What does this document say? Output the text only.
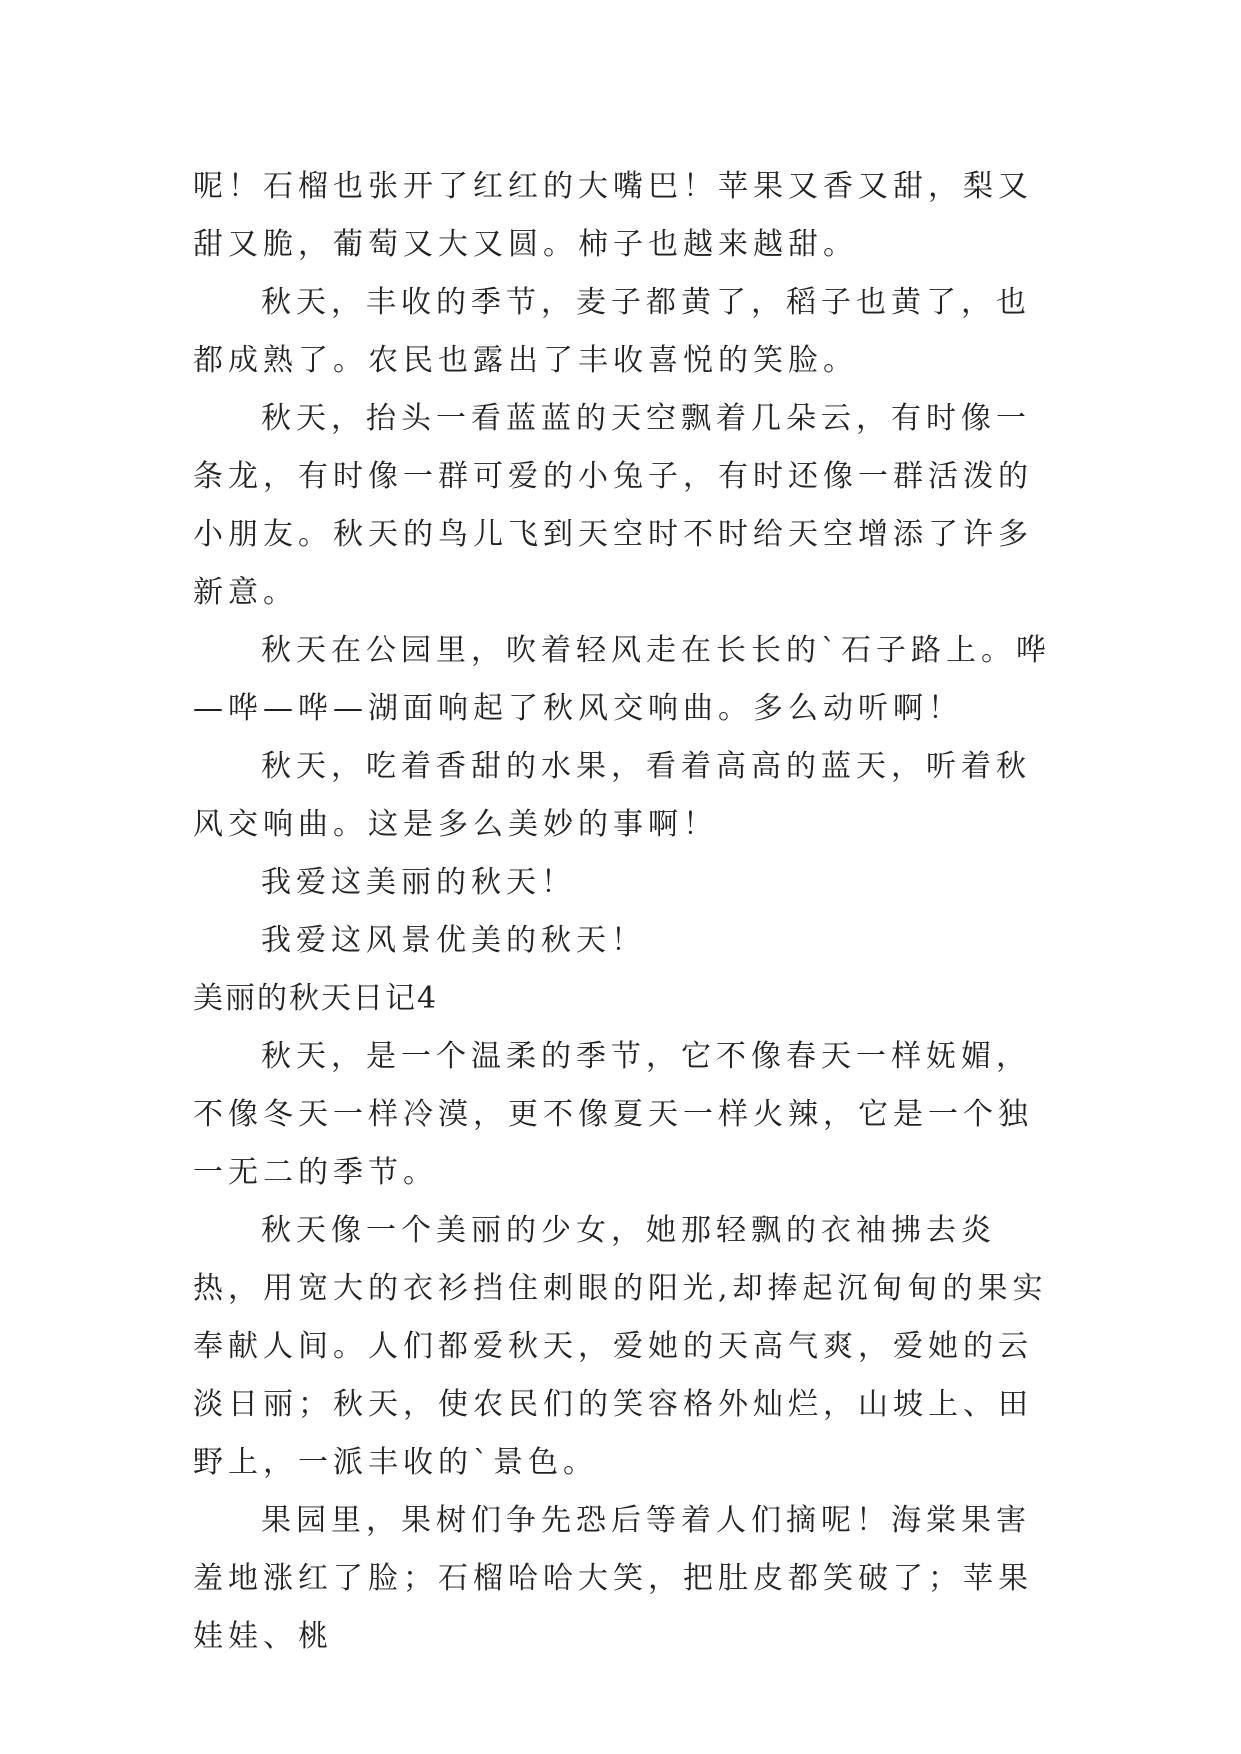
呢！石榴也张开了红红的大嘴巴！苹果又香又甜，梨又甜又脆，葡萄又大又圆。柿子也越来越甜。

秋天，丰收的季节，麦子都黄了，稻子也黄了，也都成熟了。农民也露出了丰收喜悦的笑脸。

秋天，抬头一看蓝蓝的天空飘着几朵云，有时像一条龙，有时像一群可爱的小兔子，有时还像一群活泼的小朋友。秋天的鸟儿飞到天空时不时给天空增添了许多新意。

秋天在公园里，吹着轻风走在长长的`石子路上。哗—哗—哗—湖面响起了秋风交响曲。多么动听啊！

秋天，吃着香甜的水果，看着高高的蓝天，听着秋风交响曲。这是多么美妙的事啊！

我爱这美丽的秋天！

我爱这风景优美的秋天！

美丽的秋天日记4

秋天，是一个温柔的季节，它不像春天一样妩媚，不像冬天一样冷漠，更不像夏天一样火辣，它是一个独一无二的季节。

秋天像一个美丽的少女，她那轻飘的衣袖拂去炎热，用宽大的衣衫挡住刺眼的阳光,却捧起沉甸甸的果实奉献人间。人们都爱秋天，爱她的天高气爽，爱她的云淡日丽；秋天，使农民们的笑容格外灿烂，山坡上、田野上，一派丰收的`景色。

果园里，果树们争先恐后等着人们摘呢！海棠果害羞地涨红了脸；石榴哈哈大笑，把肚皮都笑破了；苹果娃娃、桃
